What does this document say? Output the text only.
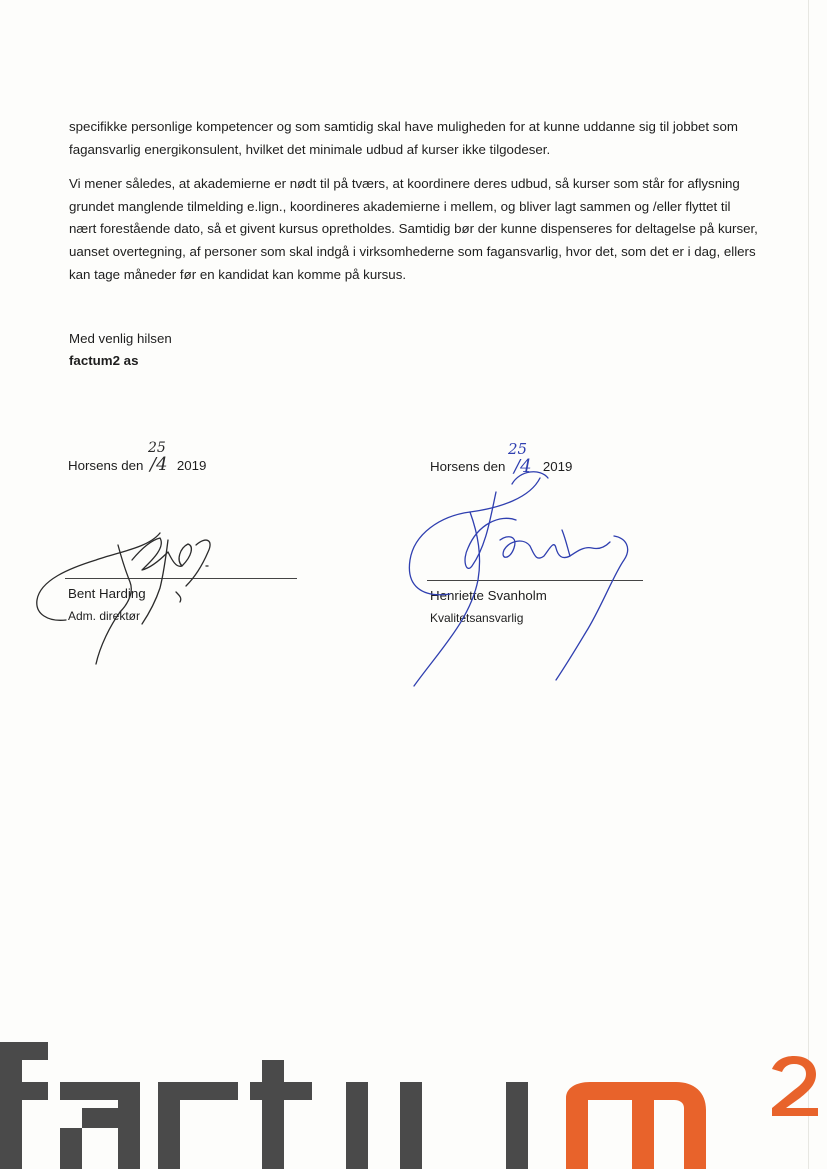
specifikke personlige kompetencer og som samtidig skal have muligheden for at kunne uddanne sig til jobbet som fagansvarlig energikonsulent, hvilket det minimale udbud af kurser ikke tilgodeser.

Vi mener således, at akademierne er nødt til på tværs, at koordinere deres udbud, så kurser som står for aflysning grundet manglende tilmelding e.lign., koordineres akademierne i mellem, og bliver lagt sammen og /eller flyttet til nært forestående dato, så et givent kursus opretholdes. Samtidig bør der kunne dispenseres for deltagelse på kurser, uanset overtegning, af personer som skal indgå i virksomhederne som fagansvarlig, hvor det, som det er i dag, ellers kan tage måneder før en kandidat kan komme på kursus.

Med venlig hilsen
factum2 as
Horsens den	2019
Bent Harding
Adm. direktør
Horsens den	2019
Henriette Svanholm
Kvalitetsansvarlig
25
/4
25
/4
